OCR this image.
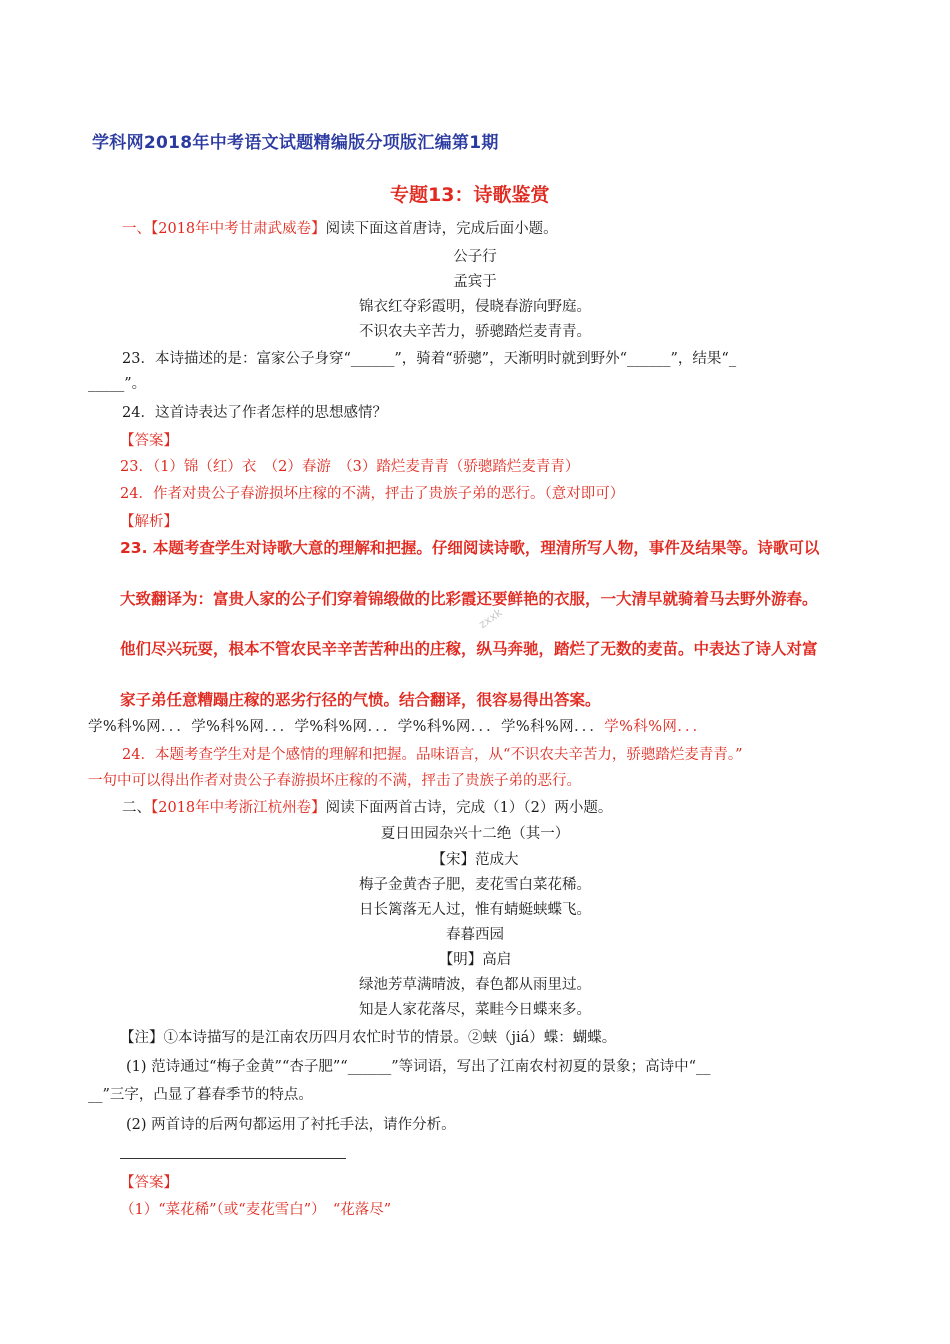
学科网2018年中考语文试题精编版分项版汇编第1期
专题13：诗歌鉴赏
一、【2018年中考甘肃武威卷】阅读下面这首唐诗，完成后面小题。
公子行
孟宾于
锦衣红夺彩霞明，侵晓春游向野庭。
不识农夫辛苦力，骄骢踏烂麦青青。
23．本诗描述的是：富家公子身穿“______”，骑着“骄骢”，天渐明时就到野外“______”，结果“_
_____”。
24．这首诗表达了作者怎样的思想感情？
【答案】
23．（1）锦（红）衣　（2）春游　（3）踏烂麦青青（骄骢踏烂麦青青）
24．作者对贵公子春游损坏庄稼的不满，抨击了贵族子弟的恶行。（意对即可）
【解析】
23. 本题考查学生对诗歌大意的理解和把握。仔细阅读诗歌，理清所写人物，事件及结果等。诗歌可以
大致翻译为：富贵人家的公子们穿着锦缎做的比彩霞还要鲜艳的衣服，一大清早就骑着马去野外游春。
zxxk
他们尽兴玩耍，根本不管农民辛辛苦苦种出的庄稼，纵马奔驰，踏烂了无数的麦苗。中表达了诗人对富
家子弟任意糟蹋庄稼的恶劣行径的气愤。结合翻译，很容易得出答案。
学%科%网．．．学%科%网．．．学%科%网．．．学%科%网．．．学%科%网．．．学%科%网．．．
24．本题考查学生对是个感情的理解和把握。品味语言，从“不识农夫辛苦力，骄骢踏烂麦青青。”
一句中可以得出作者对贵公子春游损坏庄稼的不满，抨击了贵族子弟的恶行。
二、【2018年中考浙江杭州卷】阅读下面两首古诗，完成（1）（2）两小题。
夏日田园杂兴十二绝（其一）
【宋】范成大
梅子金黄杏子肥，麦花雪白菜花稀。
日长篱落无人过，惟有蜻蜓蛱蝶飞。
春暮西园
【明】高启
绿池芳草满晴波，春色都从雨里过。
知是人家花落尽，菜畦今日蝶来多。
【注】①本诗描写的是江南农历四月农忙时节的情景。②蛱（jiá）蝶：蝴蝶。
(1) 范诗通过“梅子金黄”“杏子肥”“______”等词语，写出了江南农村初夏的景象；高诗中“__
__”三字，凸显了暮春季节的特点。
(2) 两首诗的后两句都运用了衬托手法，请作分析。
【答案】
（1）“菜花稀”（或“麦花雪白”）　“花落尽”
